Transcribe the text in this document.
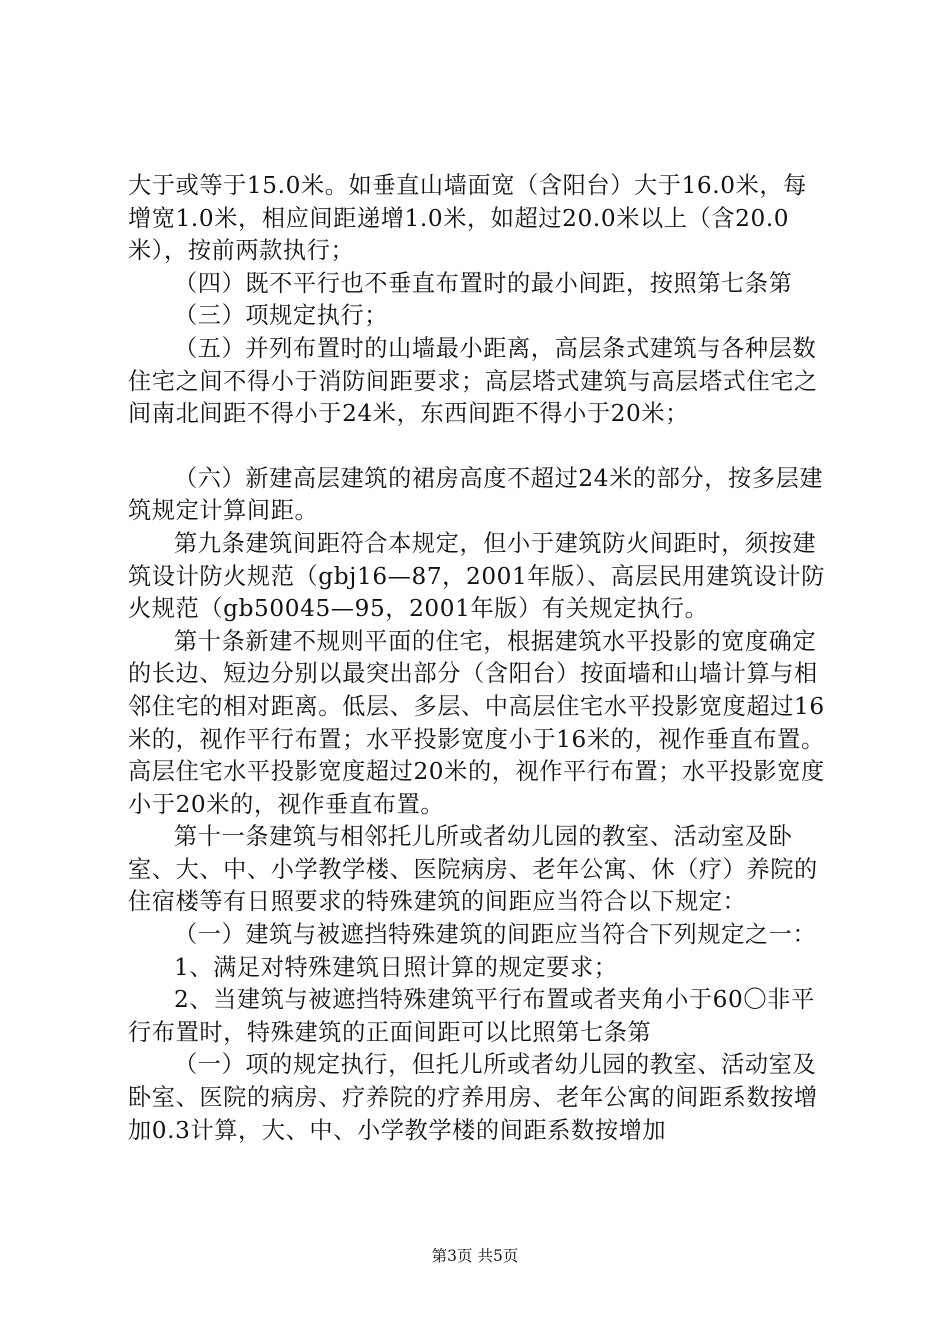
大于或等于15.0米。如垂直山墙面宽（含阳台）大于16.0米，每增宽1.0米，相应间距递增1.0米，如超过20.0米以上（含20.0米），按前两款执行；

（四）既不平行也不垂直布置时的最小间距，按照第七条第

（三）项规定执行；

（五）并列布置时的山墙最小距离，高层条式建筑与各种层数住宅之间不得小于消防间距要求；高层塔式建筑与高层塔式住宅之间南北间距不得小于24米，东西间距不得小于20米；

（六）新建高层建筑的裙房高度不超过24米的部分，按多层建筑规定计算间距。

第九条建筑间距符合本规定，但小于建筑防火间距时，须按建筑设计防火规范（gbj16—87，2001年版）、高层民用建筑设计防火规范（gb50045—95，2001年版）有关规定执行。

第十条新建不规则平面的住宅，根据建筑水平投影的宽度确定的长边、短边分别以最突出部分（含阳台）按面墙和山墙计算与相邻住宅的相对距离。低层、多层、中高层住宅水平投影宽度超过16米的，视作平行布置；水平投影宽度小于16米的，视作垂直布置。高层住宅水平投影宽度超过20米的，视作平行布置；水平投影宽度小于20米的，视作垂直布置。

第十一条建筑与相邻托儿所或者幼儿园的教室、活动室及卧室、大、中、小学教学楼、医院病房、老年公寓、休（疗）养院的住宿楼等有日照要求的特殊建筑的间距应当符合以下规定：

（一）建筑与被遮挡特殊建筑的间距应当符合下列规定之一：

1、满足对特殊建筑日照计算的规定要求；

2、当建筑与被遮挡特殊建筑平行布置或者夹角小于60〇非平行布置时，特殊建筑的正面间距可以比照第七条第

（一）项的规定执行，但托儿所或者幼儿园的教室、活动室及卧室、医院的病房、疗养院的疗养用房、老年公寓的间距系数按增加0.3计算，大、中、小学教学楼的间距系数按增加

第3页 共5页
